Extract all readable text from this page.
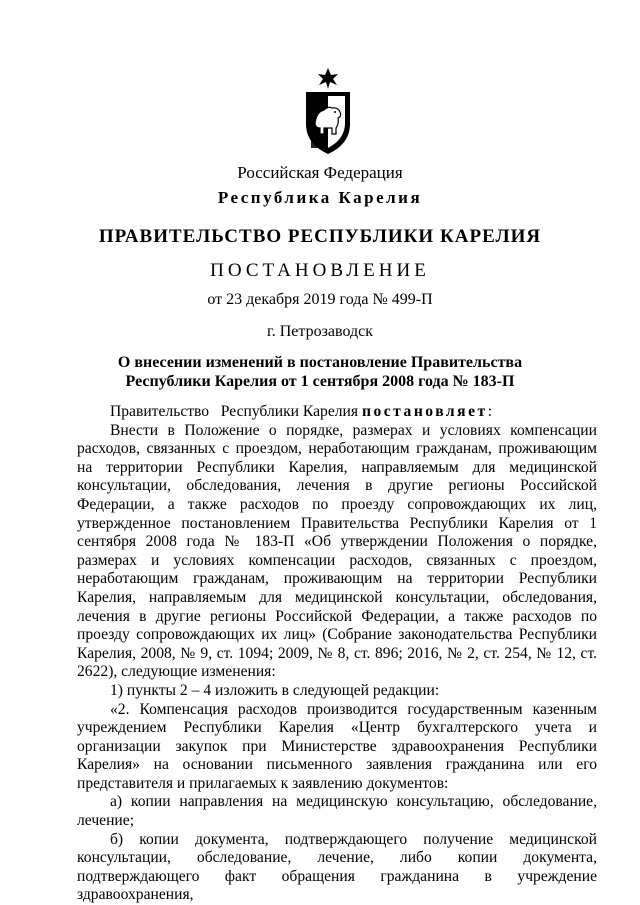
Российская Федерация
Республика Карелия
ПРАВИТЕЛЬСТВО РЕСПУБЛИКИ КАРЕЛИЯ
ПОСТАНОВЛЕНИЕ
от 23 декабря 2019 года № 499-П
г. Петрозаводск
О внесении изменений в постановление Правительства
Республики Карелия от 1 сентября 2008 года № 183-П

Правительство   Республики Карелия постановляет:

Внести в Положение о порядке, размерах и условиях компенсации расходов, связанных с проездом, неработающим гражданам, проживающим на территории Республики Карелия, направляемым для медицинской консультации, обследования, лечения в другие регионы Российской Федерации, а также расходов по проезду сопровождающих их лиц, утвержденное постановлением Правительства Республики Карелия от 1 сентября 2008 года № 183-П «Об утверждении Положения о порядке, размерах и условиях компенсации расходов, связанных с проездом, неработающим гражданам, проживающим на территории Республики Карелия, направляемым для медицинской консультации, обследования, лечения в другие регионы Российской Федерации, а также расходов по проезду сопровождающих их лиц» (Собрание законодательства Республики Карелия, 2008, № 9, ст. 1094; 2009, № 8, ст. 896; 2016, № 2, ст. 254, № 12, ст. 2622), следующие изменения:

1) пункты 2 – 4 изложить в следующей редакции:

«2. Компенсация расходов производится государственным казенным учреждением Республики Карелия «Центр бухгалтерского учета и организации закупок при Министерстве здравоохранения Республики Карелия» на основании письменного заявления гражданина или его представителя и прилагаемых к заявлению документов:

а) копии направления на медицинскую консультацию, обследование, лечение;

б) копии документа, подтверждающего получение медицинской консультации, обследование, лечение, либо копии документа, подтверждающего факт обращения гражданина в учреждение здравоохранения,
